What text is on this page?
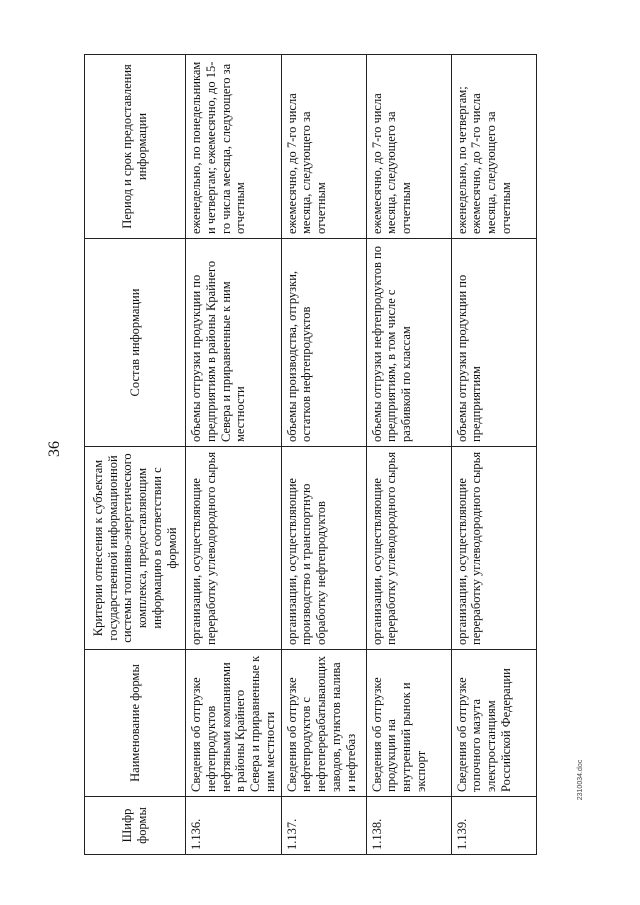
36
Шифр формы	Наименование формы	Критерии отнесения к субъектам государственной информационной системы топливно-энергетического комплекса, предоставляющим информацию в соответствии с формой	Состав информации	Период и срок предоставления информации
1.136.	Сведения об отгрузке нефтепродуктов нефтяными компаниями в районы Крайнего Севера и приравненные к ним местности	организации, осуществляющие переработку углеводородного сырья	объемы отгрузки продукции по предприятиям в районы Крайнего Севера и приравненные к ним местности	еженедельно, по понедельникам и четвергам; ежемесячно, до 15-го числа месяца, следующего за отчетным
1.137.	Сведения об отгрузке нефтепродуктов с нефтеперерабатывающих заводов, пунктов налива и нефтебаз	организации, осуществляющие производство и транспортную обработку нефтепродуктов	объемы производства, отгрузки, остатков нефтепродуктов	ежемесячно, до 7-го числа месяца, следующего за отчетным
1.138.	Сведения об отгрузке продукции на внутренний рынок и экспорт	организации, осуществляющие переработку углеводородного сырья	объемы отгрузки нефтепродуктов по предприятиям, в том числе с разбивкой по классам	ежемесячно, до 7-го числа месяца, следующего за отчетным
1.139.	Сведения об отгрузке топочного мазута электростанциям Российской Федерации	организации, осуществляющие переработку углеводородного сырья	объемы отгрузки продукции по предприятиям	еженедельно, по четвергам; ежемесячно, до 7-го числа месяца, следующего за отчетным
2310034.doc
